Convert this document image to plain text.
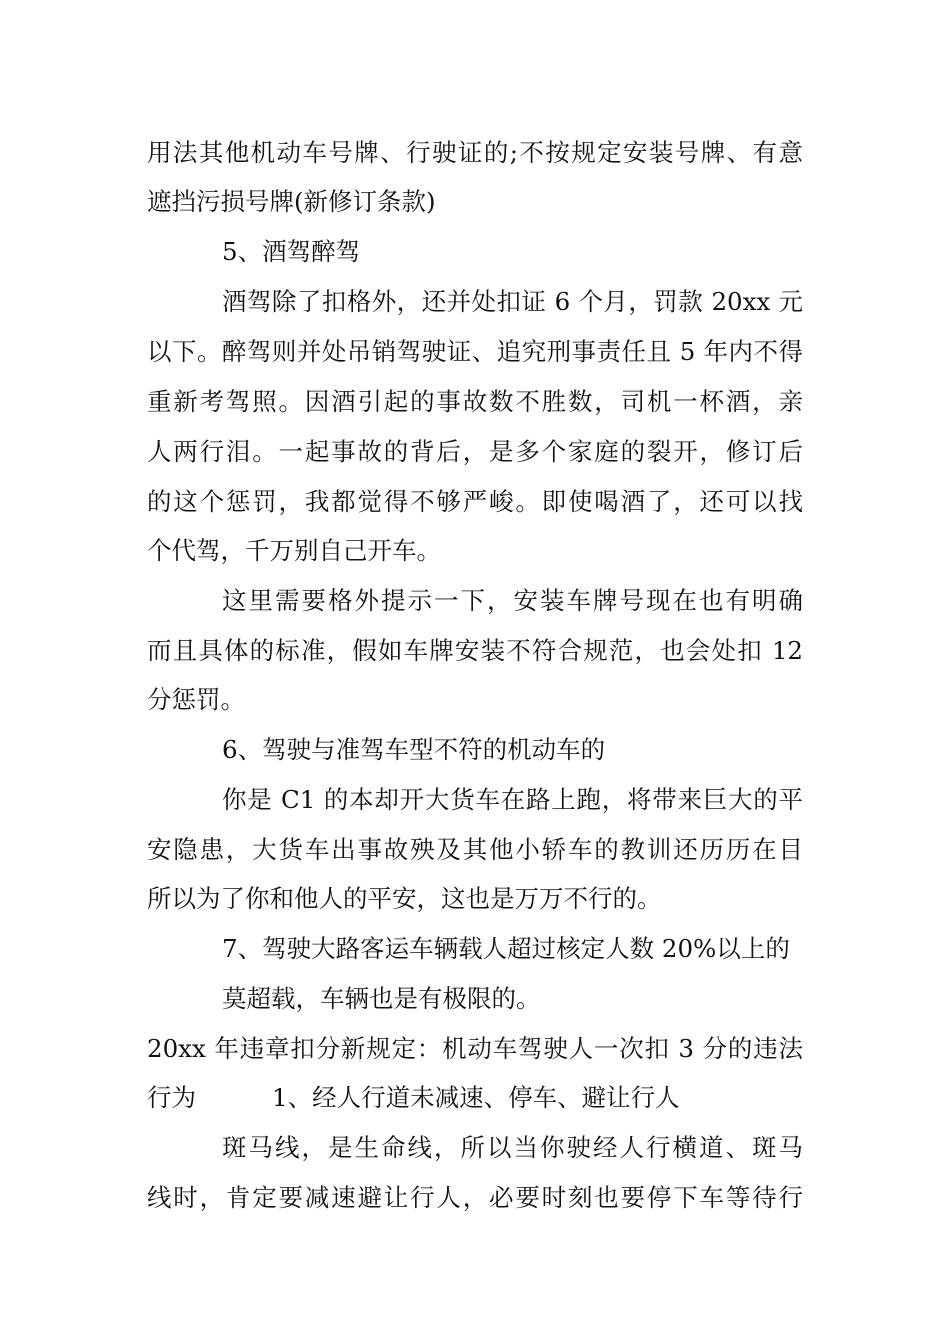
用法其他机动车号牌、行驶证的;不按规定安装号牌、有意
遮挡污损号牌(新修订条款)
5、酒驾醉驾
酒驾除了扣格外，还并处扣证 6 个月，罚款 20xx 元
以下。醉驾则并处吊销驾驶证、追究刑事责任且 5 年内不得
重新考驾照。因酒引起的事故数不胜数，司机一杯酒，亲
人两行泪。一起事故的背后，是多个家庭的裂开，修订后
的这个惩罚，我都觉得不够严峻。即使喝酒了，还可以找
个代驾，千万别自己开车。
这里需要格外提示一下，安装车牌号现在也有明确
而且具体的标准，假如车牌安装不符合规范，也会处扣 12
分惩罚。
6、驾驶与准驾车型不符的机动车的
你是 C1 的本却开大货车在路上跑，将带来巨大的平
安隐患，大货车出事故殃及其他小轿车的教训还历历在目
所以为了你和他人的平安，这也是万万不行的。
7、驾驶大路客运车辆载人超过核定人数 20%以上的
莫超载，车辆也是有极限的。
20xx 年违章扣分新规定：机动车驾驶人一次扣 3 分的违法
行为	1、经人行道未减速、停车、避让行人
斑马线，是生命线，所以当你驶经人行横道、斑马
线时，肯定要减速避让行人，必要时刻也要停下车等待行
